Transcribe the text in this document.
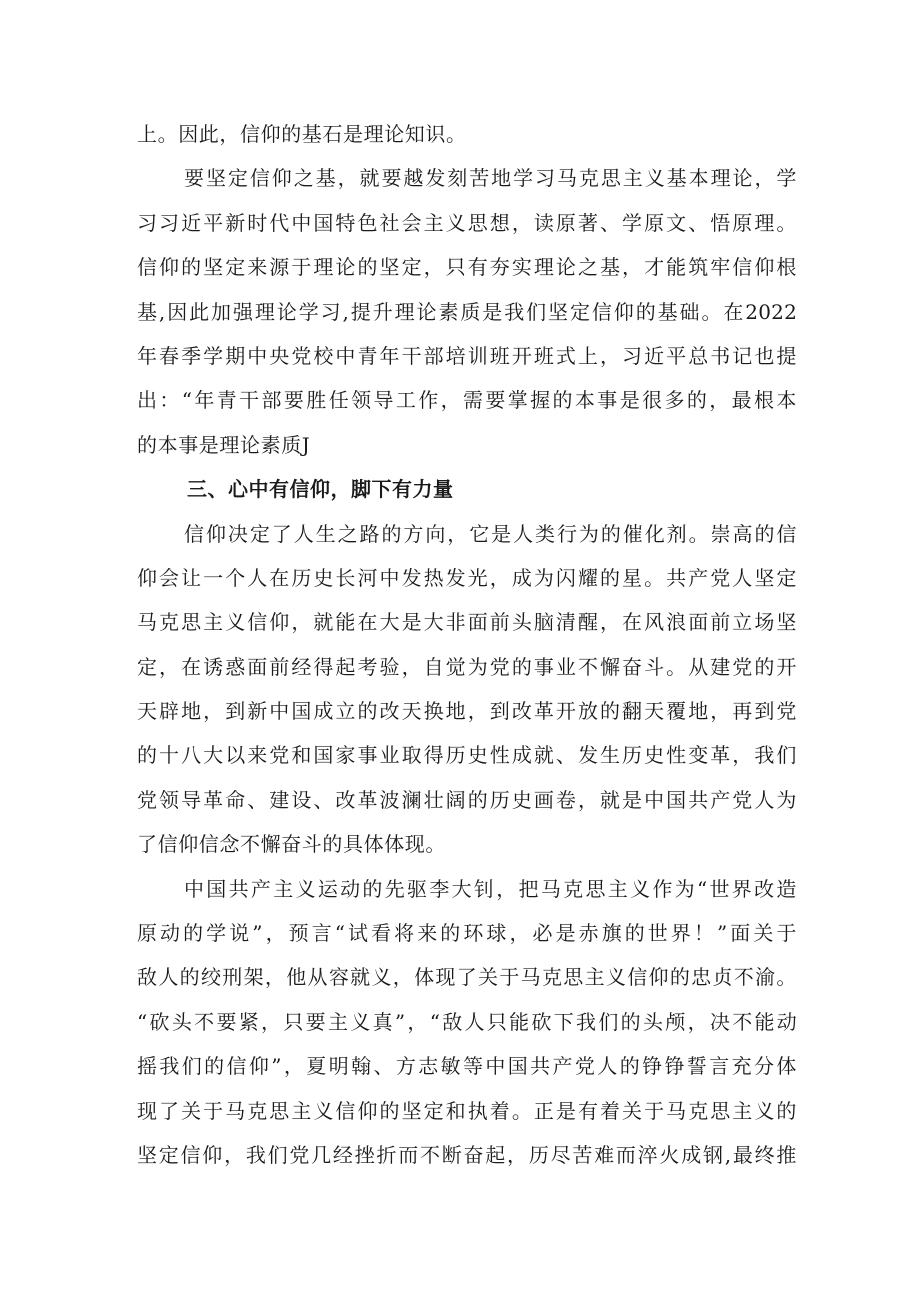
上。因此，信仰的基石是理论知识。
要坚定信仰之基，就要越发刻苦地学习马克思主义基本理论，学
习习近平新时代中国特色社会主义思想，读原著、学原文、悟原理。
信仰的坚定来源于理论的坚定，只有夯实理论之基，才能筑牢信仰根
基,因此加强理论学习,提升理论素质是我们坚定信仰的基础。在2022
年春季学期中央党校中青年干部培训班开班式上，习近平总书记也提
出：“年青干部要胜任领导工作，需要掌握的本事是很多的，最根本
的本事是理论素质J
三、心中有信仰，脚下有力量
信仰决定了人生之路的方向，它是人类行为的催化剂。崇高的信
仰会让一个人在历史长河中发热发光，成为闪耀的星。共产党人坚定
马克思主义信仰，就能在大是大非面前头脑清醒，在风浪面前立场坚
定，在诱惑面前经得起考验，自觉为党的事业不懈奋斗。从建党的开
天辟地，到新中国成立的改天换地，到改革开放的翻天覆地，再到党
的十八大以来党和国家事业取得历史性成就、发生历史性变革，我们
党领导革命、建设、改革波澜壮阔的历史画卷，就是中国共产党人为
了信仰信念不懈奋斗的具体体现。
中国共产主义运动的先驱李大钊，把马克思主义作为“世界改造
原动的学说”，预言“试看将来的环球，必是赤旗的世界！”面关于
敌人的绞刑架，他从容就义，体现了关于马克思主义信仰的忠贞不渝。
“砍头不要紧，只要主义真”，“敌人只能砍下我们的头颅，决不能动
摇我们的信仰”，夏明翰、方志敏等中国共产党人的铮铮誓言充分体
现了关于马克思主义信仰的坚定和执着。正是有着关于马克思主义的
坚定信仰，我们党几经挫折而不断奋起，历尽苦难而淬火成钢,最终推
